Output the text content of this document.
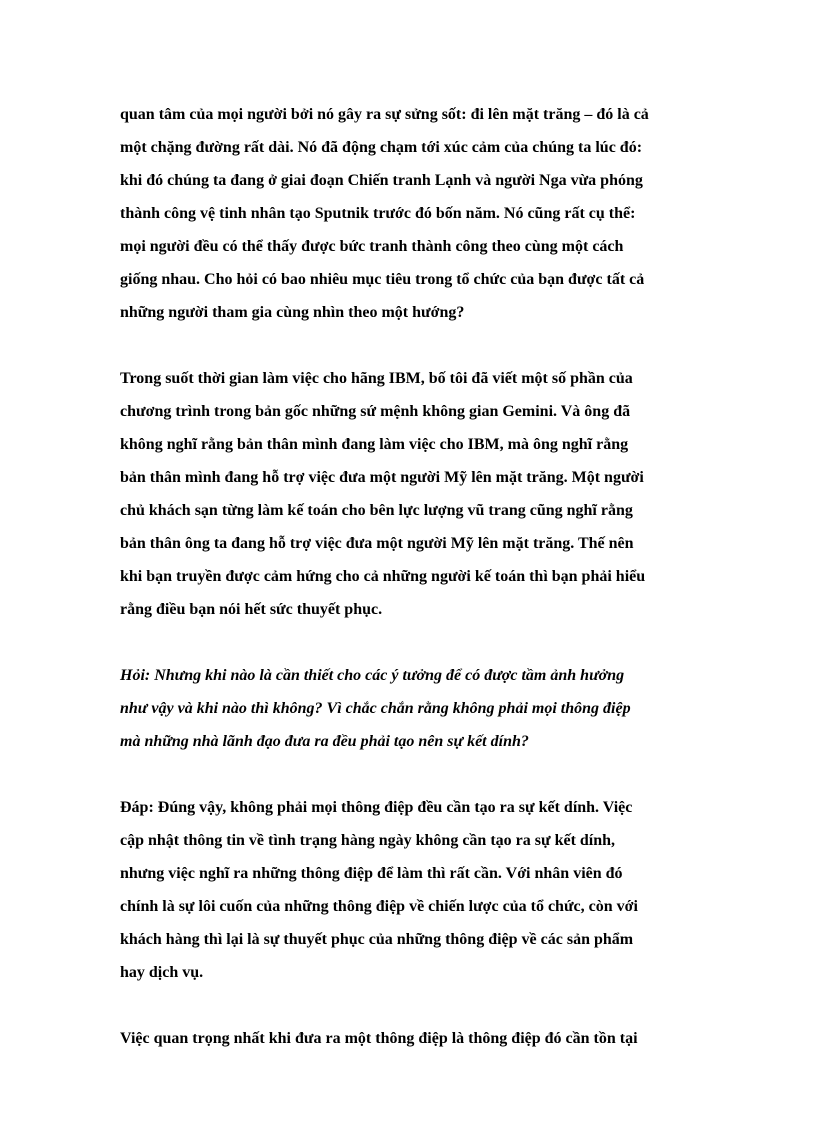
quan tâm của mọi người bởi nó gây ra sự sửng sốt: đi lên mặt trăng – đó là cả
một chặng đường rất dài. Nó đã động chạm tới xúc cảm của chúng ta lúc đó:
khi đó chúng ta đang ở giai đoạn Chiến tranh Lạnh và người Nga vừa phóng
thành công vệ tinh nhân tạo Sputnik trước đó bốn năm. Nó cũng rất cụ thể:
mọi người đều có thể thấy được bức tranh thành công theo cùng một cách
giống nhau. Cho hỏi có bao nhiêu mục tiêu trong tổ chức của bạn được tất cả
những người tham gia cùng nhìn theo một hướng?
Trong suốt thời gian làm việc cho hãng IBM, bố tôi đã viết một số phần của
chương trình trong bản gốc những sứ mệnh không gian Gemini. Và ông đã
không nghĩ rằng bản thân mình đang làm việc cho IBM, mà ông nghĩ rằng
bản thân mình đang hỗ trợ việc đưa một người Mỹ lên mặt trăng. Một người
chủ khách sạn từng làm kế toán cho bên lực lượng vũ trang cũng nghĩ rằng
bản thân ông ta đang hỗ trợ việc đưa một người Mỹ lên mặt trăng. Thế nên
khi bạn truyền được cảm hứng cho cả những người kế toán thì bạn phải hiểu
rằng điều bạn nói hết sức thuyết phục.
Hỏi: Nhưng khi nào là cần thiết cho các ý tưởng để có được tầm ảnh hưởng
như vậy và khi nào thì không? Vì chắc chắn rằng không phải mọi thông điệp
mà những nhà lãnh đạo đưa ra đều phải tạo nên sự kết dính?
Đáp: Đúng vậy, không phải mọi thông điệp đều cần tạo ra sự kết dính. Việc
cập nhật thông tin về tình trạng hàng ngày không cần tạo ra sự kết dính,
nhưng việc nghĩ ra những thông điệp để làm thì rất cần. Với nhân viên đó
chính là sự lôi cuốn của những thông điệp về chiến lược của tổ chức, còn với
khách hàng thì lại là sự thuyết phục của những thông điệp về các sản phẩm
hay dịch vụ.
Việc quan trọng nhất khi đưa ra một thông điệp là thông điệp đó cần tồn tại
